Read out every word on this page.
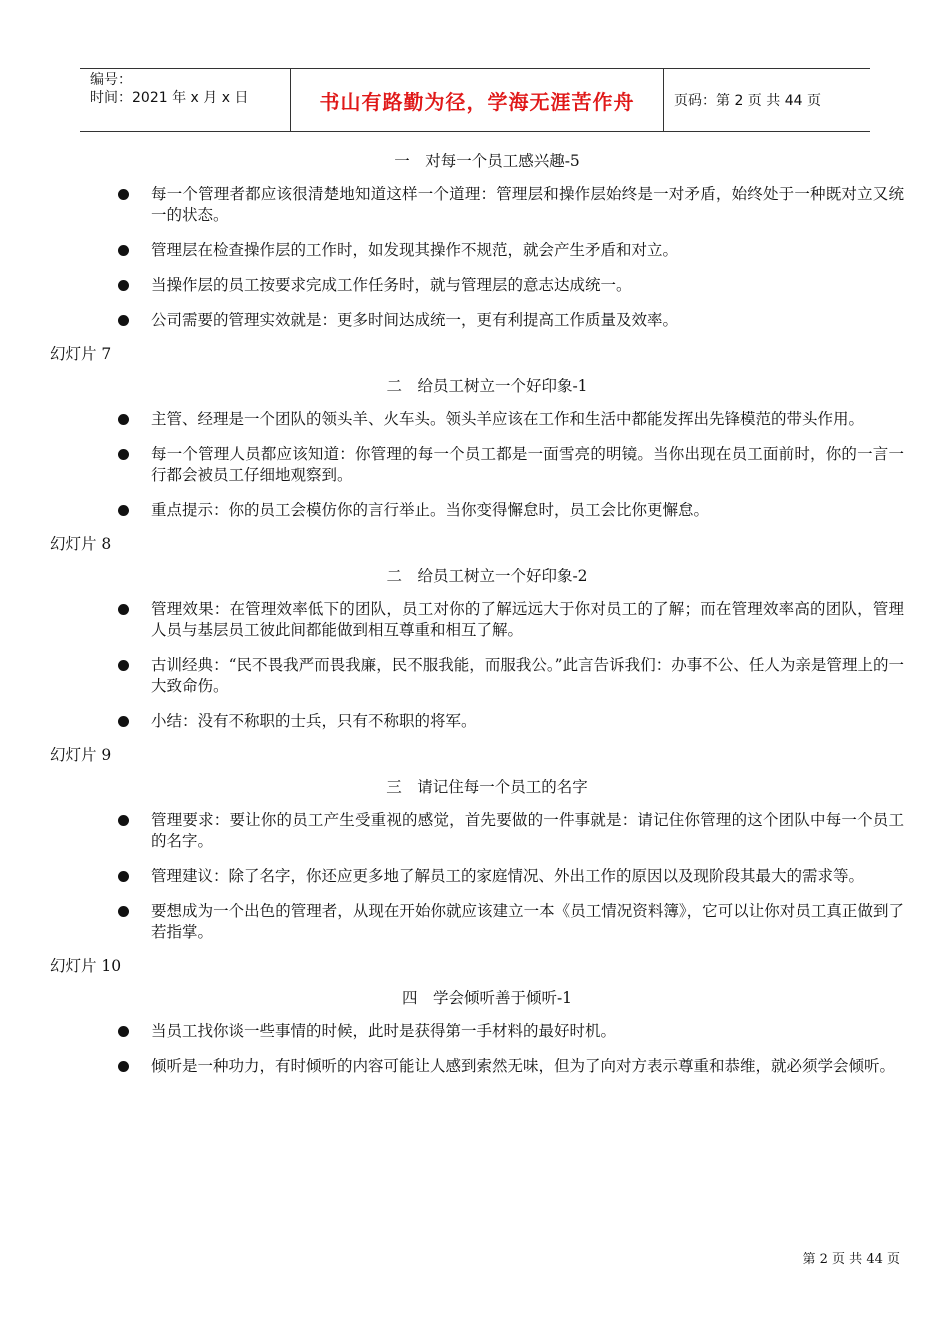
编号：
时间：2021 年 x 月 x 日	书山有路勤为径，学海无涯苦作舟	页码：第 2 页 共 44 页

一　对每一个员工感兴趣-5

每一个管理者都应该很清楚地知道这样一个道理：管理层和操作层始终是一对矛盾，始终处于一种既对立又统一的状态。
管理层在检查操作层的工作时，如发现其操作不规范，就会产生矛盾和对立。
当操作层的员工按要求完成工作任务时，就与管理层的意志达成统一。
公司需要的管理实效就是：更多时间达成统一，更有利提高工作质量及效率。

幻灯片 7

二　给员工树立一个好印象-1

主管、经理是一个团队的领头羊、火车头。领头羊应该在工作和生活中都能发挥出先锋模范的带头作用。
每一个管理人员都应该知道：你管理的每一个员工都是一面雪亮的明镜。当你出现在员工面前时，你的一言一行都会被员工仔细地观察到。
重点提示：你的员工会模仿你的言行举止。当你变得懈怠时，员工会比你更懈怠。

幻灯片 8

二　给员工树立一个好印象-2

管理效果：在管理效率低下的团队，员工对你的了解远远大于你对员工的了解；而在管理效率高的团队，管理人员与基层员工彼此间都能做到相互尊重和相互了解。
古训经典：“民不畏我严而畏我廉，民不服我能，而服我公。”此言告诉我们：办事不公、任人为亲是管理上的一大致命伤。
小结：没有不称职的士兵，只有不称职的将军。

幻灯片 9

三　请记住每一个员工的名字

管理要求：要让你的员工产生受重视的感觉，首先要做的一件事就是：请记住你管理的这个团队中每一个员工的名字。
管理建议：除了名字，你还应更多地了解员工的家庭情况、外出工作的原因以及现阶段其最大的需求等。
要想成为一个出色的管理者，从现在开始你就应该建立一本《员工情况资料簿》，它可以让你对员工真正做到了若指掌。

幻灯片 10

四　学会倾听善于倾听-1

当员工找你谈一些事情的时候，此时是获得第一手材料的最好时机。
倾听是一种功力，有时倾听的内容可能让人感到索然无味，但为了向对方表示尊重和恭维，就必须学会倾听。
第 2 页 共 44 页
